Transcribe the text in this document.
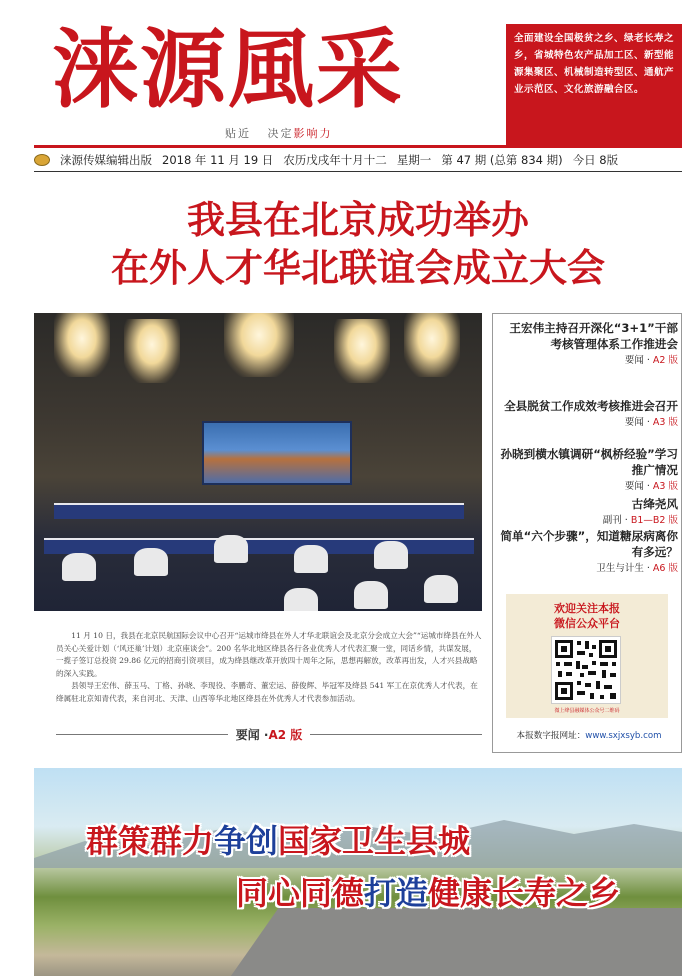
涞源風采
贴近 决定影响力
全面建设全国极贫之乡、绿老长寿之乡，省城特色农产品加工区、新型能源集聚区、机械制造转型区、通航产业示范区、文化旅游融合区。
涞源传媒编辑出版 2018 年 11 月 19 日 农历戊戌年十月十二 星期一 第 47 期 (总第 834 期) 今日 8版
我县在北京成功举办
在外人才华北联谊会成立大会

11 月 10 日，我县在北京民航国际会议中心召开“运城市绛县在外人才华北联谊会及北京分会成立大会”“运城市绛县在外人员关心关爱计划（‘风还巢’计划）北京座谈会”。200 名华北地区绛县各行各业优秀人才代表汇聚一堂，同话乡情，共谋发展，一揽子签订总投资 29.86 亿元的招商引资项目，成为绛县继改革开放四十周年之际，思想再解放，改革再出发，人才兴县战略的深入实践。

县领导王宏伟、薛玉马、丁格、孙晓、李现役、李鹏奇、董宏运、薛俊辉、毕冠军及绛县 541 军工在京优秀人才代表，在绛属驻北京知青代表，来自河北、天津、山西等华北地区绛县在外优秀人才代表参加活动。

要闻 ·A2 版
王宏伟主持召开深化“3+1”干部考核管理体系工作推进会
要闻 · A2 版
全县脱贫工作成效考核推进会召开
要闻 · A3 版
孙晓到横水镇调研“枫桥经验”学习推广情况
要闻 · A3 版
古绛尧风
副刊 · B1—B2 版
简单“六个步骤”，知道糖尿病离你有多远？
卫生与计生 · A6 版
欢迎关注本报
微信公众平台
微上绛县融媒体公众号二维码
本报数字报网址：www.sxjxsyb.com
群策群力争创国家卫生县城
同心同德打造健康长寿之乡
